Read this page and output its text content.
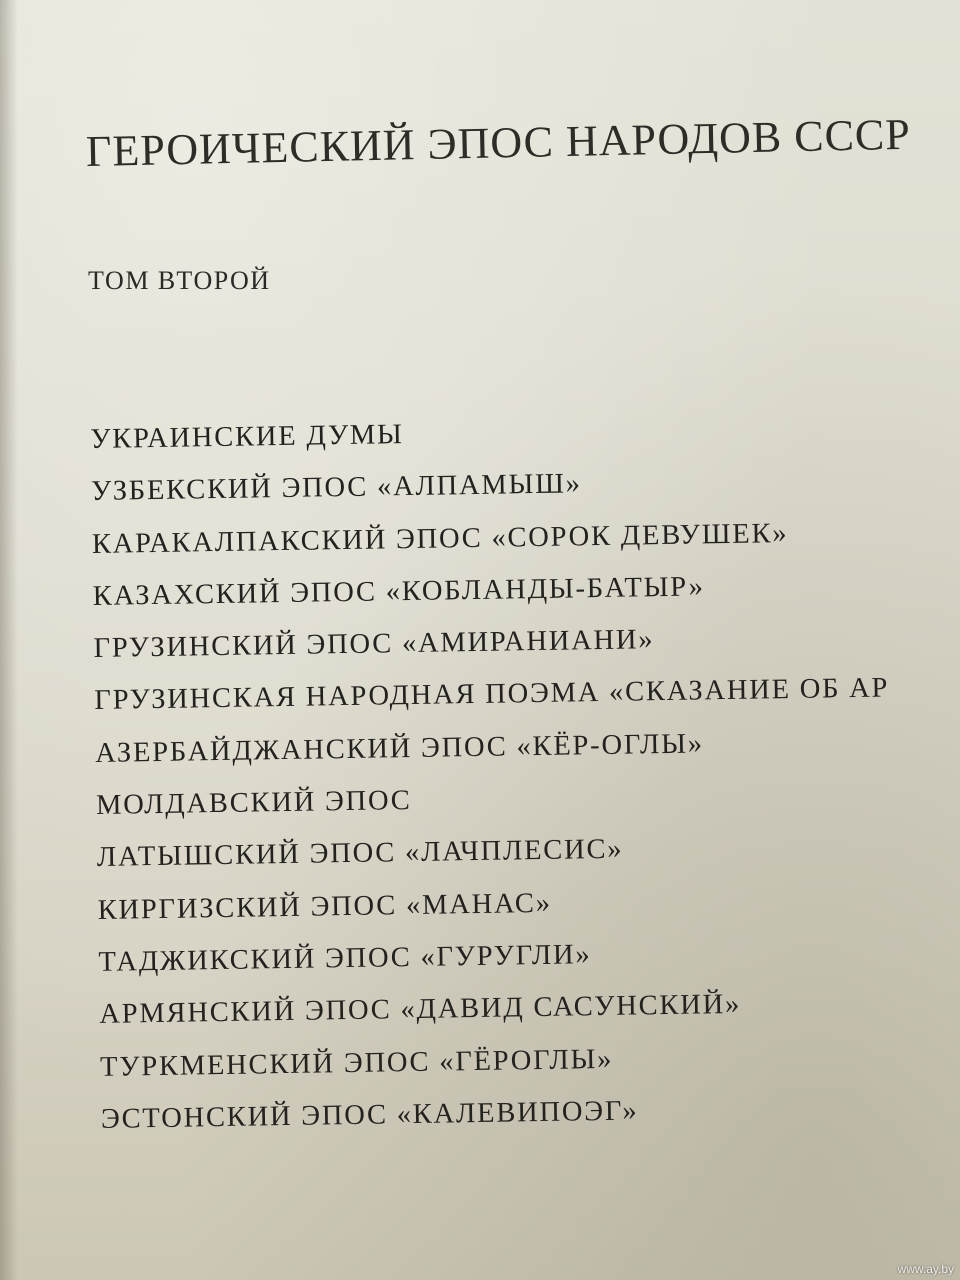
ГЕРОИЧЕСКИЙ ЭПОС НАРОДОВ СССР
ТОМ ВТОРОЙ
УКРАИНСКИЕ ДУМЫ
УЗБЕКСКИЙ ЭПОС «АЛПАМЫШ»
КАРАКАЛПАКСКИЙ ЭПОС «СОРОК ДЕВУШЕК»
КАЗАХСКИЙ ЭПОС «КОБЛАНДЫ-БАТЫР»
ГРУЗИНСКИЙ ЭПОС «АМИРАНИАНИ»
ГРУЗИНСКАЯ НАРОДНАЯ ПОЭМА «СКАЗАНИЕ ОБ АР
АЗЕРБАЙДЖАНСКИЙ ЭПОС «КЁР-ОГЛЫ»
МОЛДАВСКИЙ ЭПОС
ЛАТЫШСКИЙ ЭПОС «ЛАЧПЛЕСИС»
КИРГИЗСКИЙ ЭПОС «МАНАС»
ТАДЖИКСКИЙ ЭПОС «ГУРУГЛИ»
АРМЯНСКИЙ ЭПОС «ДАВИД САСУНСКИЙ»
ТУРКМЕНСКИЙ ЭПОС «ГЁРОГЛЫ»
ЭСТОНСКИЙ ЭПОС «КАЛЕВИПОЭГ»
www.ay.by
